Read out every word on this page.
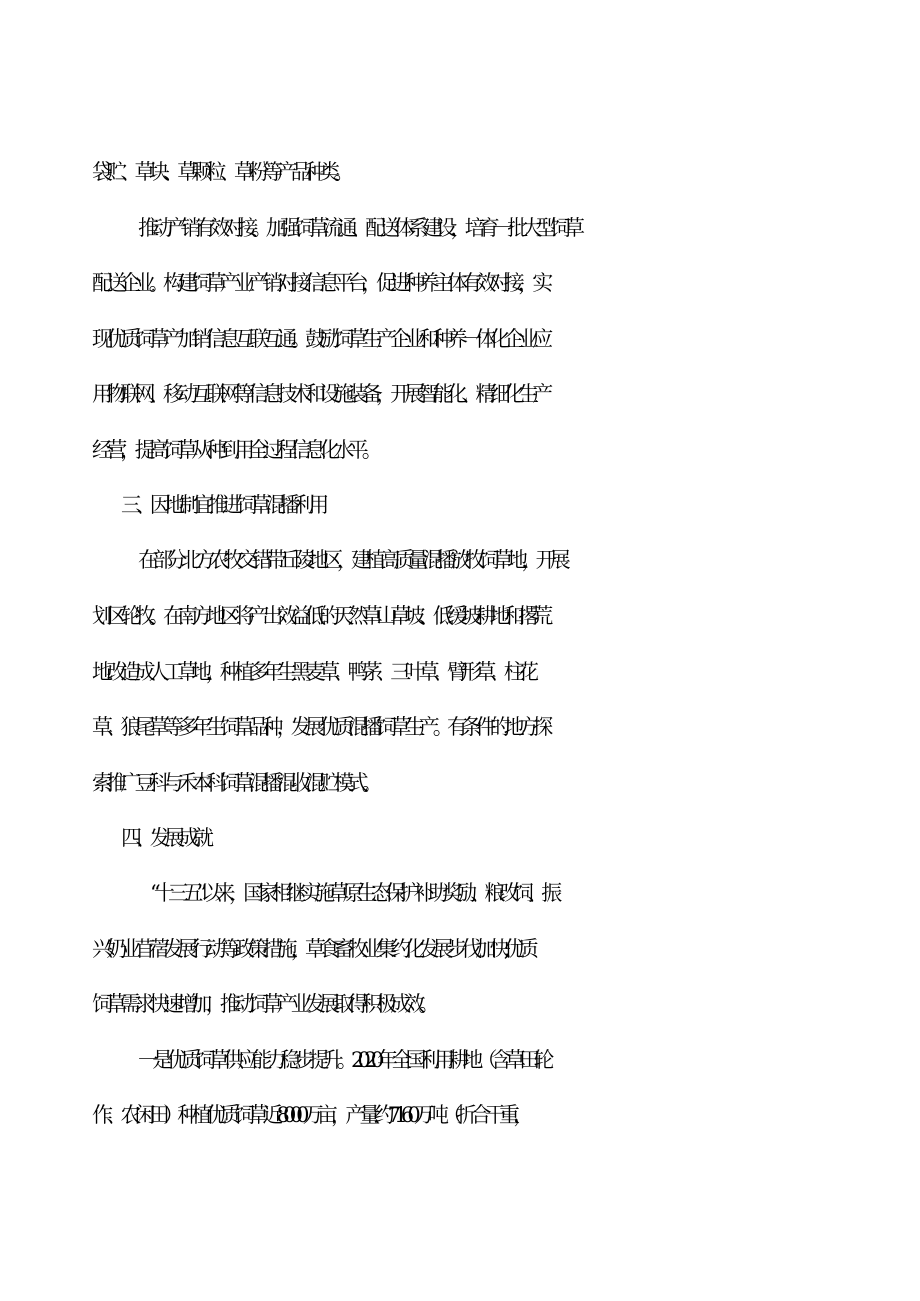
袋贮、草块、草颗粒、草粉等产品种类。

推动产销有效对接。加强饲草流通、配送体系建设，培育一批大型饲草

配送企业。构建饲草产业产销对接信息平台，促进种养主体有效对接，实

现优质饲草产加销信息互联互通。鼓励饲草生产企业和种养一体化企业应

用物联网、移动互联网等信息技术和设施装备，开展智能化、精细化生产

经营，提高饲草从种到用全过程信息化水平。

三、因地制宜推进饲草混播利用

在部分北方农牧交错带丘陵地区，建植高质量混播放牧饲草地，开展

划区轮牧。在南方地区将产出效益低的天然草山草坡、低缓坡耕地和撂荒

地改造成人工草地，种植多年生黑麦草、鸭茅、三叶草、臂形草、柱花

草、狼尾草等多年生饲草品种，发展优质混播饲草生产。有条件的地方探

索推广豆科与禾本科饲草混播混收混贮模式。

四、发展成就

“十三五”以来，国家相继实施草原生态保护补助奖励、粮改饲、振

兴奶业苜蓿发展行动等政策措施，草食畜牧业集约化发展步伐加快,优质

饲草需求快速增加，推动饲草产业发展取得积极成效。

一是优质饲草供应能力稳步提升。2020 年全国利用耕地（含草田轮

作、农闲田）种植优质饲草近 8000 万亩，产量约 7160 万吨（折合干重，
